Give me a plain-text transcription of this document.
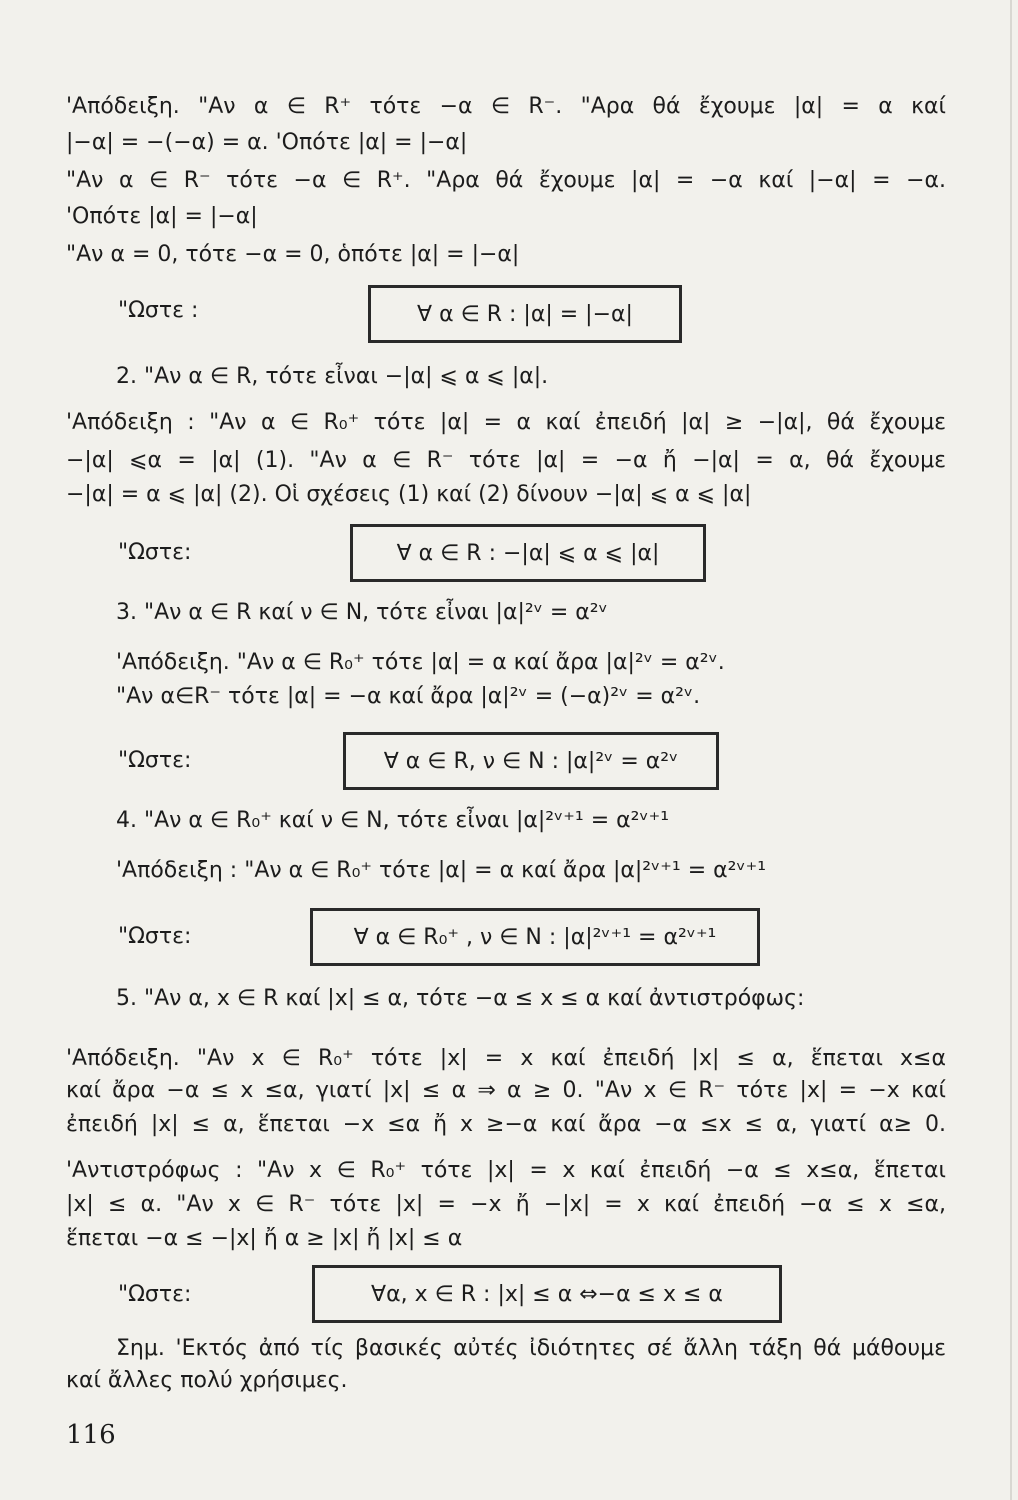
'Απόδειξη. "Αν α ∈ R⁺ τότε −α ∈ R⁻. "Αρα θά ἔχουμε |α| = α καί
|−α| = −(−α) = α. 'Οπότε |α| = |−α|
"Αν α ∈ R⁻ τότε −α ∈ R⁺. "Αρα θά ἔχουμε |α| = −α καί |−α| = −α.
'Οπότε |α| = |−α|
"Αν α = 0, τότε −α = 0, ὁπότε |α| = |−α|
"Ωστε :	∀ α ∈ R : |α| = |−α|
2. "Αν α ∈ R, τότε εἶναι −|α| ⩽ α ⩽ |α|.
'Απόδειξη : "Αν α ∈ R₀⁺ τότε |α| = α καί ἐπειδή |α| ≥ −|α|, θά ἔχουμε
−|α| ⩽α = |α| (1). "Αν α ∈ R⁻ τότε |α| = −α ἤ −|α| = α, θά ἔχουμε
−|α| = α ⩽ |α| (2). Οἱ σχέσεις (1) καί (2) δίνουν −|α| ⩽ α ⩽ |α|
"Ωστε:	∀ α ∈ R : −|α| ⩽ α ⩽ |α|
3. "Αν α ∈ R καί ν ∈ N, τότε εἶναι |α|²ᵛ = α²ᵛ
'Απόδειξη. "Αν α ∈ R₀⁺ τότε |α| = α καί ἄρα |α|²ᵛ = α²ᵛ.
"Αν α∈R⁻ τότε |α| = −α καί ἄρα |α|²ᵛ = (−α)²ᵛ = α²ᵛ.
"Ωστε:	∀ α ∈ R, ν ∈ N : |α|²ᵛ = α²ᵛ
4. "Αν α ∈ R₀⁺ καί ν ∈ N, τότε εἶναι |α|²ᵛ⁺¹ = α²ᵛ⁺¹
'Απόδειξη : "Αν α ∈ R₀⁺ τότε |α| = α καί ἄρα |α|²ᵛ⁺¹ = α²ᵛ⁺¹
"Ωστε:	∀ α ∈ R₀⁺ , ν ∈ N : |α|²ᵛ⁺¹ = α²ᵛ⁺¹
5. "Αν α, x ∈ R καί |x| ≤ α, τότε −α ≤ x ≤ α καί ἀντιστρόφως:
'Απόδειξη. "Αν x ∈ R₀⁺ τότε |x| = x καί ἐπειδή |x| ≤ α, ἕπεται x≤α
καί ἄρα −α ≤ x ≤α, γιατί |x| ≤ α ⇒ α ≥ 0. "Αν x ∈ R⁻ τότε |x| = −x καί
ἐπειδή |x| ≤ α, ἕπεται −x ≤α ἤ x ≥−α καί ἄρα −α ≤x ≤ α, γιατί α≥ 0.
'Αντιστρόφως : "Αν x ∈ R₀⁺ τότε |x| = x καί ἐπειδή −α ≤ x≤α, ἕπεται
|x| ≤ α. "Αν x ∈ R⁻ τότε |x| = −x ἤ −|x| = x καί ἐπειδή −α ≤ x ≤α,
ἕπεται −α ≤ −|x| ἤ α ≥ |x| ἤ |x| ≤ α
"Ωστε:	∀α, x ∈ R : |x| ≤ α ⇔−α ≤ x ≤ α
Σημ. 'Εκτός ἀπό τίς βασικές αὐτές ἰδιότητες σέ ἄλλη τάξη θά μάθουμε
καί ἄλλες πολύ χρήσιμες.
116
